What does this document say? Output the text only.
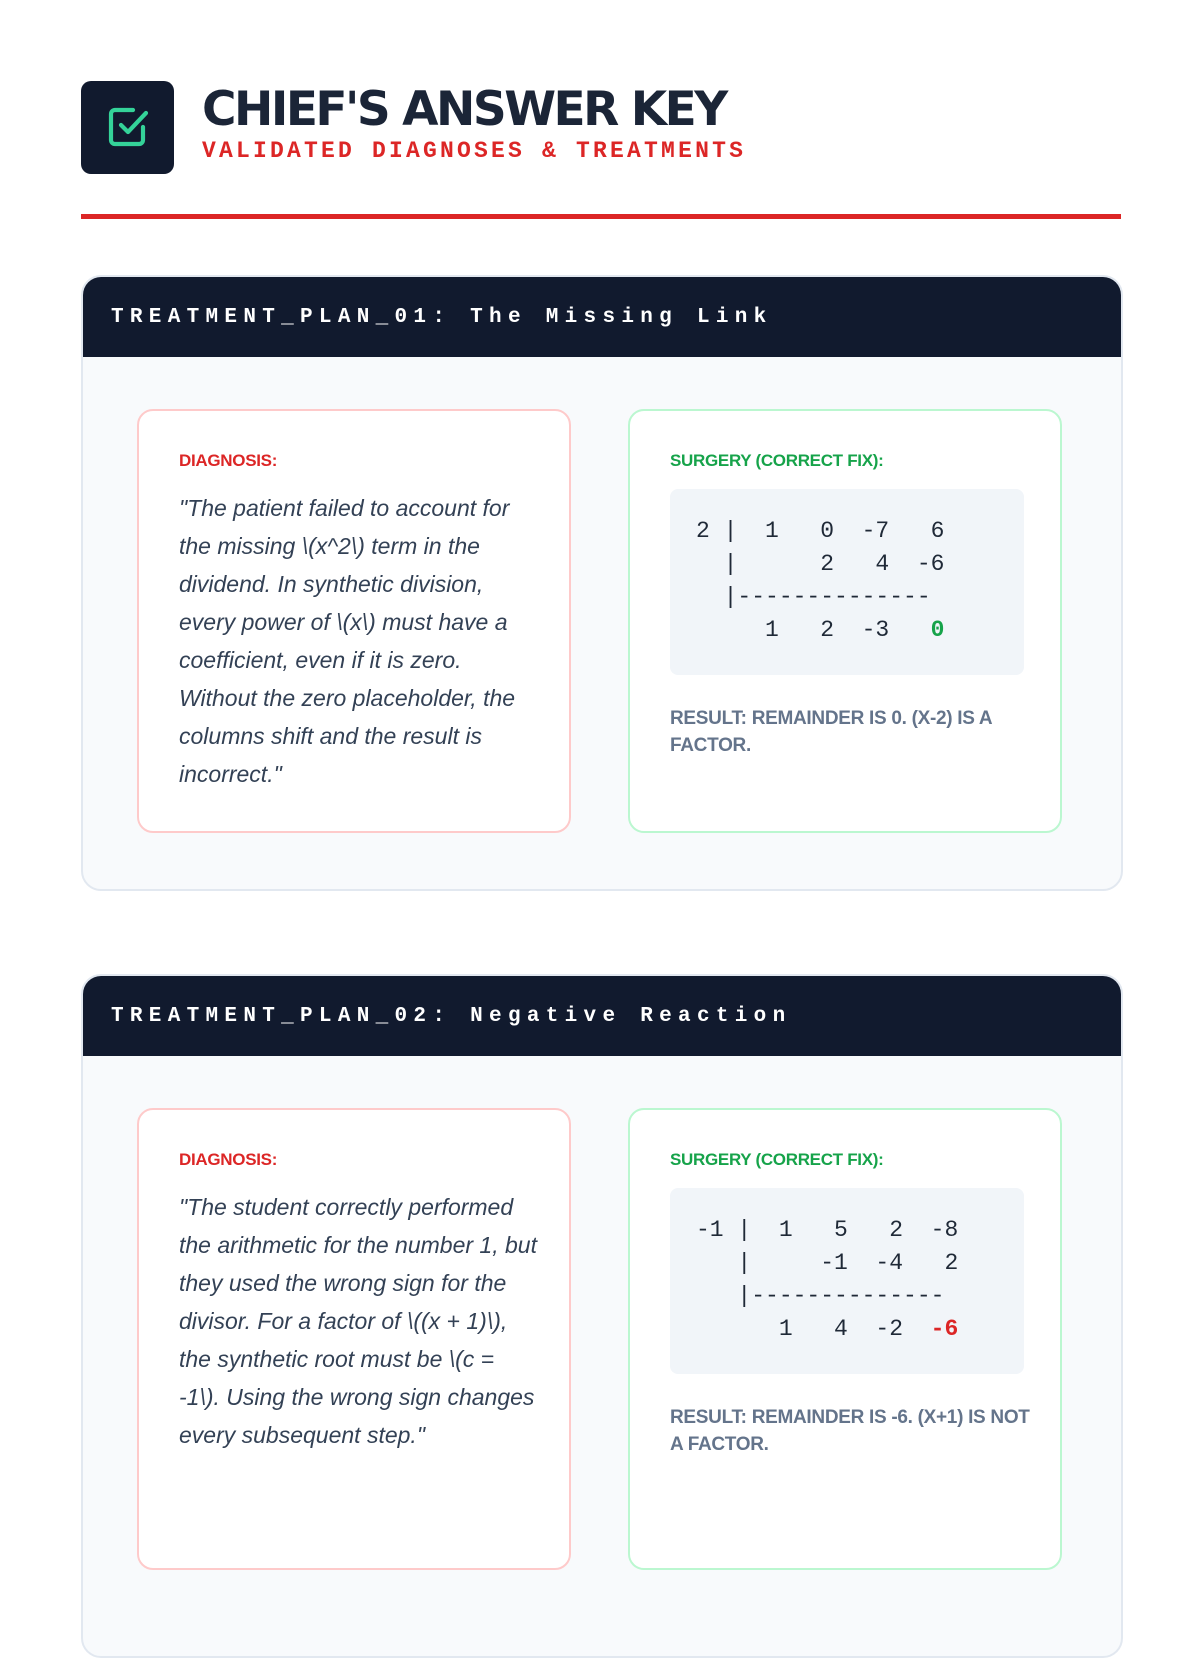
CHIEF'S ANSWER KEY
VALIDATED DIAGNOSES & TREATMENTS
TREATMENT_PLAN_01: The Missing Link
DIAGNOSIS:
"The patient failed to account for the missing \(x^2\) term in the dividend. In synthetic division, every power of \(x\) must have a coefficient, even if it is zero. Without the zero placeholder, the columns shift and the result is incorrect."
SURGERY (CORRECT FIX):
2 |  1   0  -7   6
|      2   4  -6
|--------------
1   2  -3   0
RESULT: REMAINDER IS 0. (X-2) IS A FACTOR.
TREATMENT_PLAN_02: Negative Reaction
DIAGNOSIS:
"The student correctly performed the arithmetic for the number 1, but they used the wrong sign for the divisor. For a factor of \((x + 1)\), the synthetic root must be \(c = -1\). Using the wrong sign changes every subsequent step."
SURGERY (CORRECT FIX):
-1 |  1   5   2  -8
|     -1  -4   2
|--------------
1   4  -2  -6
RESULT: REMAINDER IS -6. (X+1) IS NOT A FACTOR.
